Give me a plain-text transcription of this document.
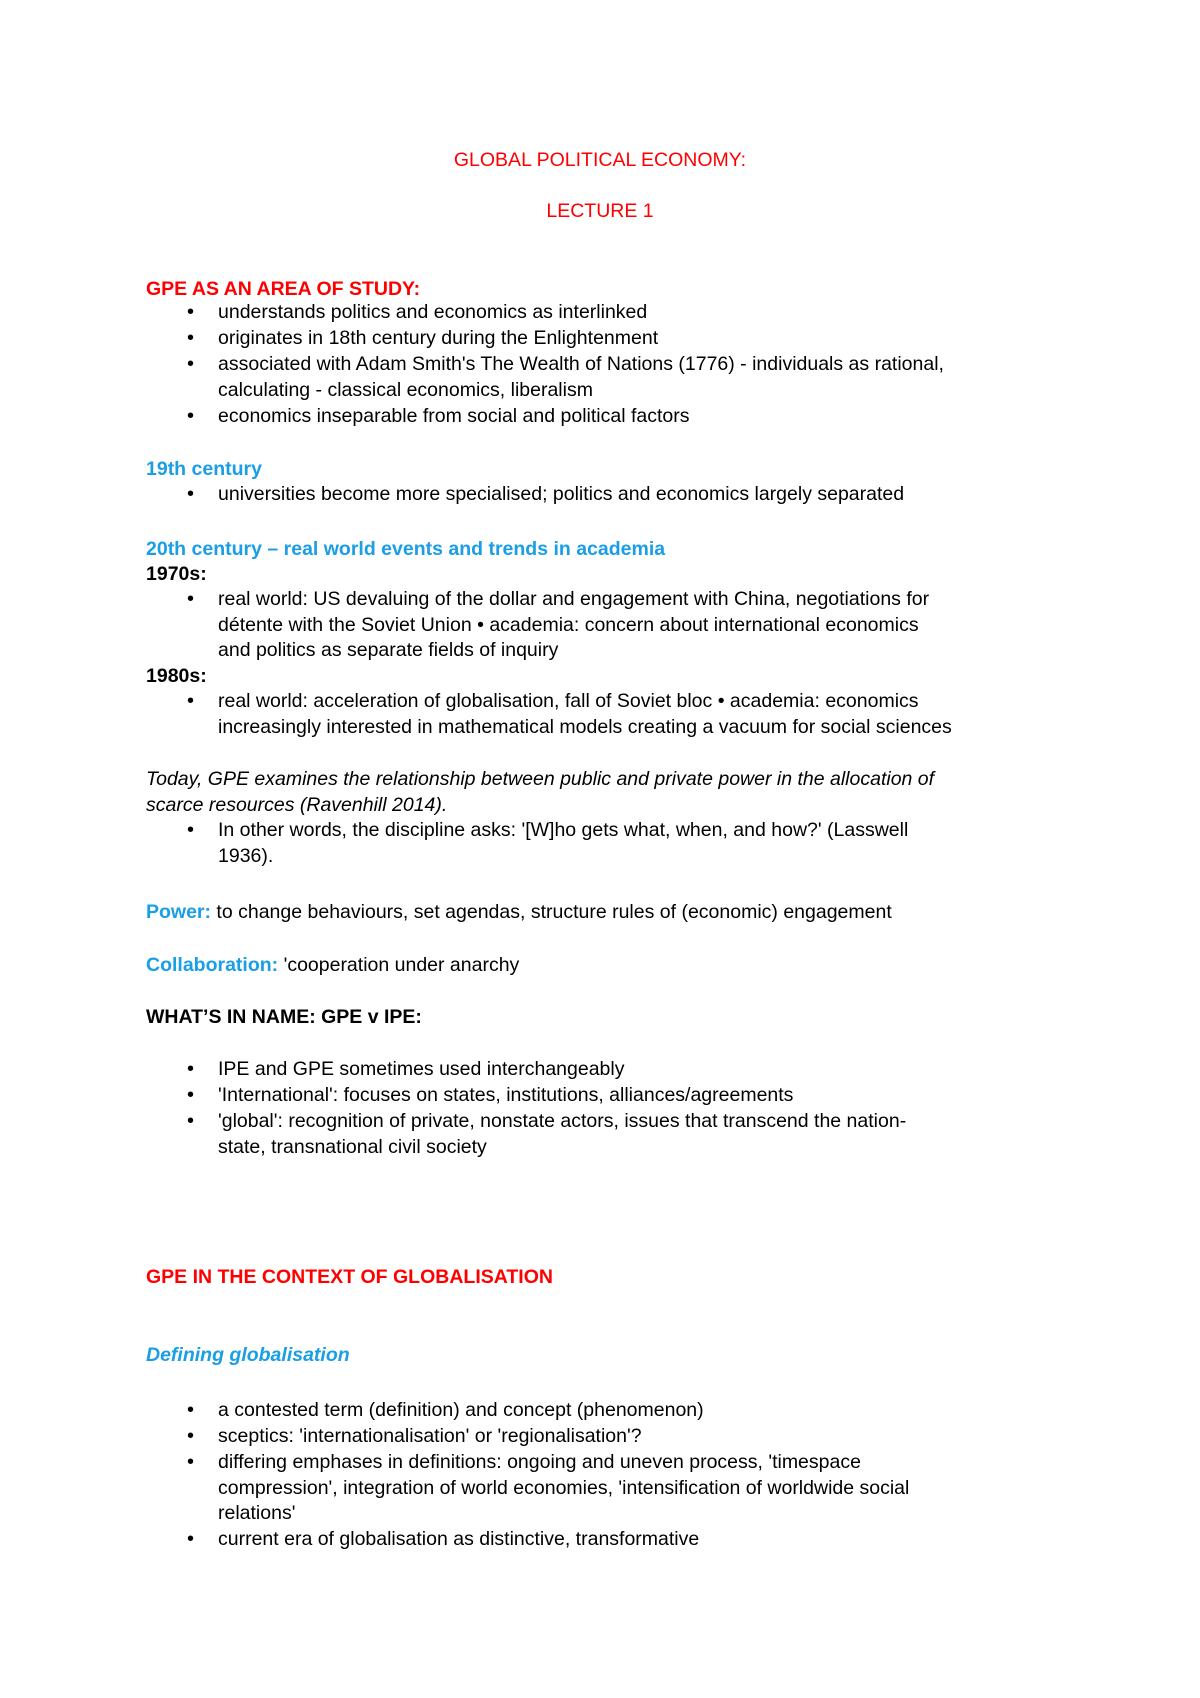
GLOBAL POLITICAL ECONOMY:
LECTURE 1
GPE AS AN AREA OF STUDY:
• understands politics and economics as interlinked
• originates in 18th century during the Enlightenment
• associated with Adam Smith's The Wealth of Nations (1776) - individuals as rational,
calculating - classical economics, liberalism
• economics inseparable from social and political factors
19th century
• universities become more specialised; politics and economics largely separated
20th century – real world events and trends in academia
1970s:
• real world: US devaluing of the dollar and engagement with China, negotiations for
détente with the Soviet Union • academia: concern about international economics
and politics as separate fields of inquiry
1980s:
• real world: acceleration of globalisation, fall of Soviet bloc • academia: economics
increasingly interested in mathematical models creating a vacuum for social sciences
Today, GPE examines the relationship between public and private power in the allocation of
scarce resources (Ravenhill 2014).
• In other words, the discipline asks: '[W]ho gets what, when, and how?' (Lasswell
1936).
Power: to change behaviours, set agendas, structure rules of (economic) engagement
Collaboration: 'cooperation under anarchy
WHAT’S IN NAME: GPE v IPE:
• IPE and GPE sometimes used interchangeably
• 'International': focuses on states, institutions, alliances/agreements
• 'global': recognition of private, nonstate actors, issues that transcend the nation-
state, transnational civil society
GPE IN THE CONTEXT OF GLOBALISATION
Defining globalisation
• a contested term (definition) and concept (phenomenon)
• sceptics: 'internationalisation' or 'regionalisation'?
• differing emphases in definitions: ongoing and uneven process, 'timespace
compression', integration of world economies, 'intensification of worldwide social
relations'
• current era of globalisation as distinctive, transformative
